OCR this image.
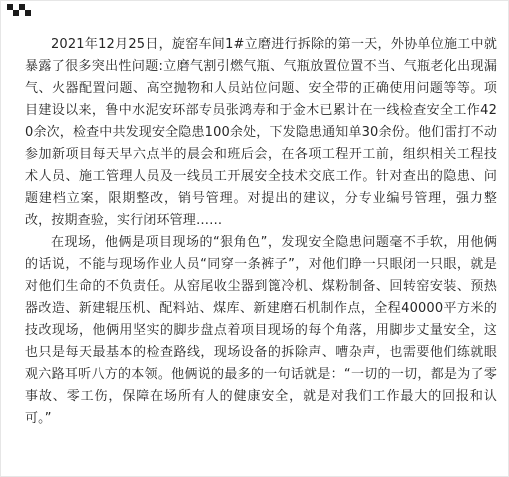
2021年12月25日，旋窑车间1#立磨进行拆除的第一天，外协单位施工中就暴露了很多突出性问题:立磨气割引燃气瓶、气瓶放置位置不当、气瓶老化出现漏气、火器配置问题、高空抛物和人员站位问题、安全带的正确使用问题等等。项目建设以来，鲁中水泥安环部专员张鸿寿和于金木已累计在一线检查安全工作420余次，检查中共发现安全隐患100余处，下发隐患通知单30余份。他们雷打不动参加新项目每天早六点半的晨会和班后会，在各项工程开工前，组织相关工程技术人员、施工管理人员及一线员工开展安全技术交底工作。针对查出的隐患、问题建档立案，限期整改，销号管理。对提出的建议，分专业编号管理，强力整改，按期查验，实行闭环管理……

在现场，他俩是项目现场的“狠角色”，发现安全隐患问题毫不手软，用他俩的话说，不能与现场作业人员“同穿一条裤子”，对他们睁一只眼闭一只眼，就是对他们生命的不负责任。从窑尾收尘器到篦冷机、煤粉制备、回转窑安装、预热器改造、新建辊压机、配料站、煤库、新建磨石机制作点，全程40000平方米的技改现场，他俩用坚实的脚步盘点着项目现场的每个角落，用脚步丈量安全，这也只是每天最基本的检查路线，现场设备的拆除声、嘈杂声，也需要他们练就眼观六路耳听八方的本领。他俩说的最多的一句话就是：“一切的一切，都是为了零事故、零工伤，保障在场所有人的健康安全，就是对我们工作最大的回报和认可。”
